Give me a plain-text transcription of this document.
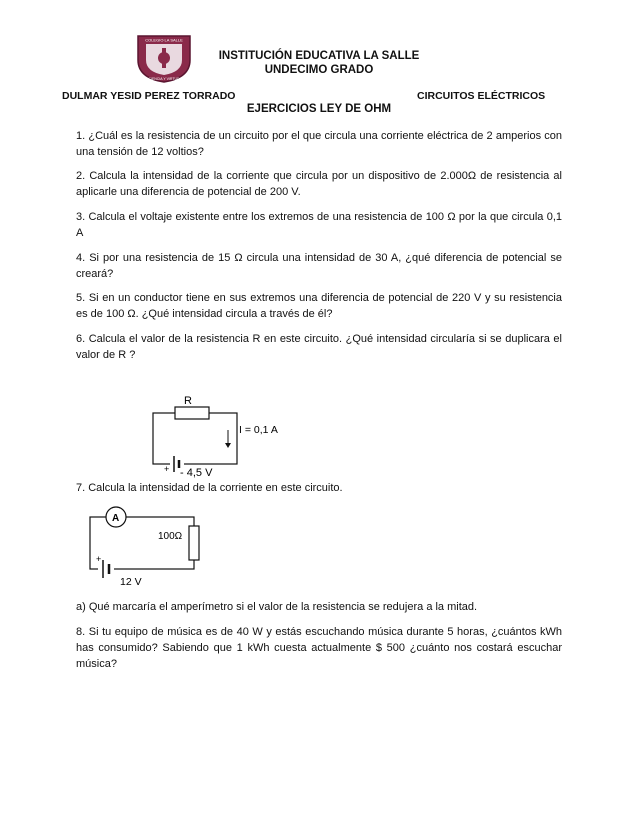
COLEGIO LA SALLE
CIENCIA Y VIRTUD
INSTITUCIÓN EDUCATIVA LA SALLE
UNDECIMO GRADO
DULMAR YESID PEREZ TORRADO	CIRCUITOS ELÉCTRICOS
EJERCICIOS LEY DE OHM
1. ¿Cuál es la resistencia de un circuito por el que circula una corriente eléctrica de 2 amperios con una tensión de 12 voltios?
2. Calcula la intensidad de la corriente que circula por un dispositivo de 2.000Ω de resistencia al aplicarle una diferencia de potencial de 200 V.
3. Calcula el voltaje existente entre los extremos de una resistencia de 100 Ω por la que circula 0,1 A
4. Si por una resistencia de 15 Ω circula una intensidad de 30 A, ¿qué diferencia de potencial se creará?
5. Si en un conductor tiene en sus extremos una diferencia de potencial de 220 V y su resistencia es de 100 Ω. ¿Qué intensidad circula a través de él?
6. Calcula el valor de la resistencia R en este circuito. ¿Qué intensidad circularía si se duplicara el valor de R ?
R
I = 0,1 A
+ - 4,5 V
7. Calcula la intensidad de la corriente en este circuito.
A
100Ω
+
12 V
a) Qué marcaría el amperímetro si el valor de la resistencia se redujera a la mitad.
8. Si tu equipo de música es de 40 W y estás escuchando música durante 5 horas, ¿cuántos kWh has consumido? Sabiendo que 1 kWh cuesta actualmente $ 500 ¿cuánto nos costará escuchar música?
